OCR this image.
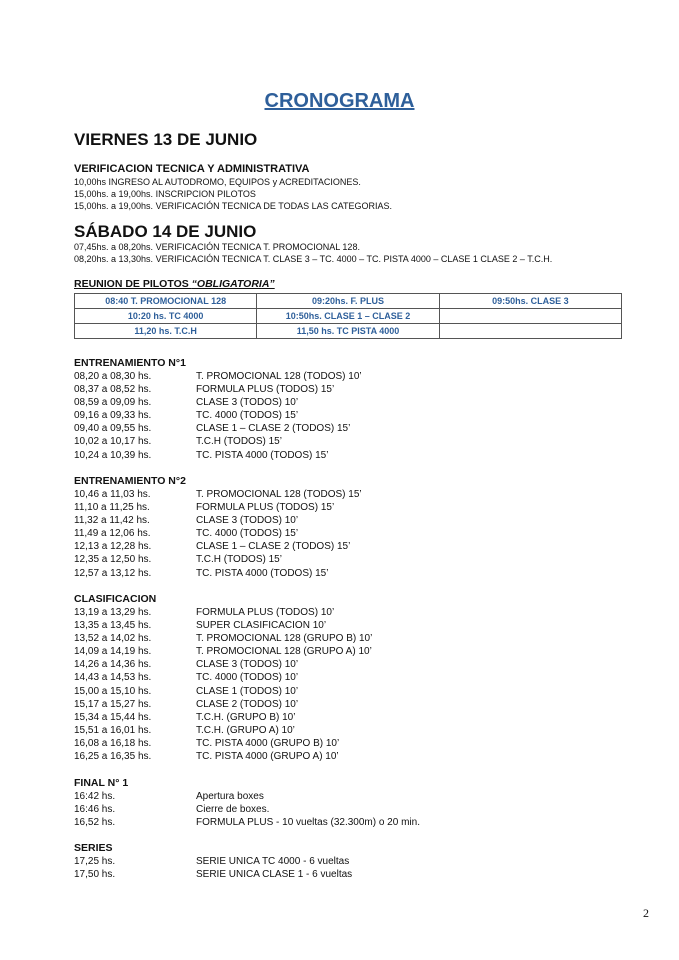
CRONOGRAMA
VIERNES 13 DE JUNIO
VERIFICACION TECNICA Y ADMINISTRATIVA
10,00hs INGRESO AL AUTODROMO, EQUIPOS y ACREDITACIONES.
15,00hs. a 19,00hs. INSCRIPCION PILOTOS
15,00hs. a 19,00hs. VERIFICACIÓN TECNICA DE TODAS LAS CATEGORIAS.
SÁBADO 14 DE JUNIO
07,45hs. a 08,20hs. VERIFICACIÓN TECNICA T. PROMOCIONAL 128.
08,20hs. a 13,30hs. VERIFICACIÓN TECNICA T. CLASE 3 – TC. 4000 – TC. PISTA 4000 – CLASE 1 CLASE 2 – T.C.H.
REUNION DE PILOTOS “OBLIGATORIA”
08:40 T. PROMOCIONAL 128	09:20hs. F. PLUS	09:50hs. CLASE 3
10:20 hs. TC 4000	10:50hs. CLASE 1 – CLASE 2	
11,20 hs. T.C.H	11,50 hs. TC PISTA 4000	
ENTRENAMIENTO N°1
08,20 a 08,30 hs.	T. PROMOCIONAL 128 (TODOS) 10’
08,37 a 08,52 hs.	FORMULA PLUS (TODOS) 15’
08,59 a 09,09 hs.	CLASE 3 (TODOS) 10’
09,16 a 09,33 hs.	TC. 4000 (TODOS) 15’
09,40 a 09,55 hs.	CLASE 1 – CLASE 2 (TODOS) 15’
10,02 a 10,17 hs.	T.C.H (TODOS) 15’
10,24 a 10,39 hs.	TC. PISTA 4000 (TODOS) 15’
ENTRENAMIENTO N°2
10,46 a 11,03 hs.	T. PROMOCIONAL 128 (TODOS) 15’
11,10 a 11,25 hs.	FORMULA PLUS (TODOS) 15’
11,32 a 11,42 hs.	CLASE 3 (TODOS) 10’
11,49 a 12,06 hs.	TC. 4000 (TODOS) 15’
12,13 a 12,28 hs.	CLASE 1 – CLASE 2 (TODOS) 15’
12,35 a 12,50 hs.	T.C.H (TODOS) 15’
12,57 a 13,12 hs.	TC. PISTA 4000 (TODOS) 15’
CLASIFICACION
13,19 a 13,29 hs.	FORMULA PLUS (TODOS) 10’
13,35 a 13,45 hs.	SUPER CLASIFICACION 10’
13,52 a 14,02 hs.	T. PROMOCIONAL 128 (GRUPO B) 10’
14,09 a 14,19 hs.	T. PROMOCIONAL 128 (GRUPO A) 10’
14,26 a 14,36 hs.	CLASE 3 (TODOS) 10’
14,43 a 14,53 hs.	TC. 4000 (TODOS) 10’
15,00 a 15,10 hs.	CLASE 1 (TODOS) 10’
15,17 a 15,27 hs.	CLASE 2 (TODOS) 10’
15,34 a 15,44 hs.	T.C.H. (GRUPO B) 10’
15,51 a 16,01 hs.	T.C.H. (GRUPO A) 10’
16,08 a 16,18 hs.	TC. PISTA 4000 (GRUPO B) 10’
16,25 a 16,35 hs.	TC. PISTA 4000 (GRUPO A) 10’
FINAL N° 1
16:42 hs.	Apertura boxes
16:46 hs.	Cierre de boxes.
16,52 hs.	FORMULA PLUS - 10 vueltas (32.300m) o 20 min.
SERIES
17,25 hs.	SERIE UNICA TC 4000 - 6 vueltas
17,50 hs.	SERIE UNICA CLASE 1 - 6 vueltas
2
